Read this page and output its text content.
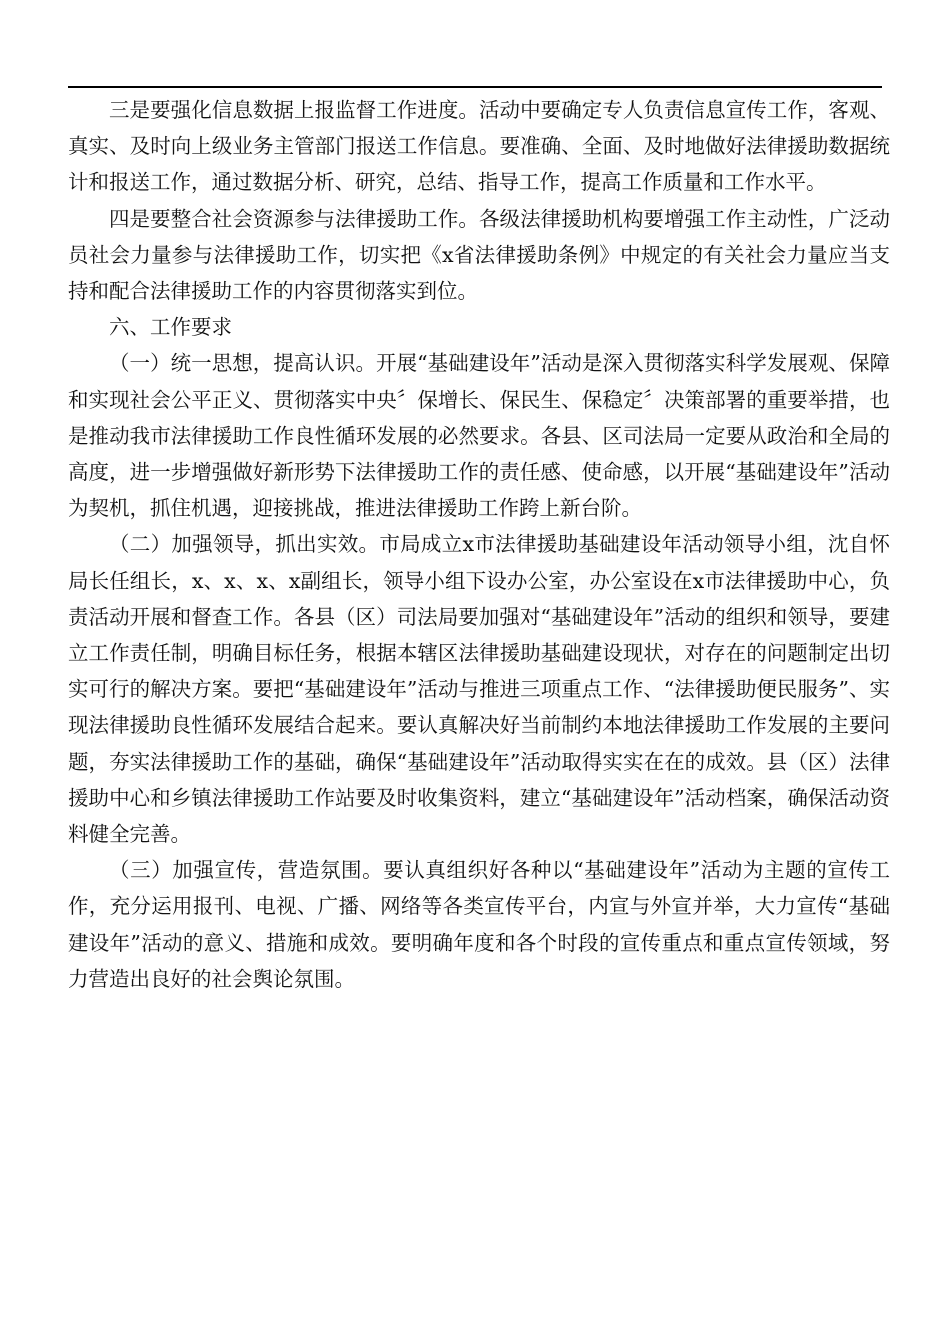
三是要强化信息数据上报监督工作进度。活动中要确定专人负责信息宣传工作，客观、真实、及时向上级业务主管部门报送工作信息。要准确、全面、及时地做好法律援助数据统计和报送工作，通过数据分析、研究，总结、指导工作，提高工作质量和工作水平。

四是要整合社会资源参与法律援助工作。各级法律援助机构要增强工作主动性，广泛动员社会力量参与法律援助工作，切实把《x省法律援助条例》中规定的有关社会力量应当支持和配合法律援助工作的内容贯彻落实到位。

六、工作要求

（一）统一思想，提高认识。开展“基础建设年”活动是深入贯彻落实科学发展观、保障和实现社会公平正义、贯彻落实中央〞保增长、保民生、保稳定〞决策部署的重要举措，也是推动我市法律援助工作良性循环发展的必然要求。各县、区司法局一定要从政治和全局的高度，进一步增强做好新形势下法律援助工作的责任感、使命感，以开展“基础建设年”活动为契机，抓住机遇，迎接挑战，推进法律援助工作跨上新台阶。

（二）加强领导，抓出实效。市局成立x市法律援助基础建设年活动领导小组，沈自怀局长任组长，x、x、x、x副组长，领导小组下设办公室，办公室设在x市法律援助中心，负责活动开展和督查工作。各县（区）司法局要加强对“基础建设年”活动的组织和领导，要建立工作责任制，明确目标任务，根据本辖区法律援助基础建设现状，对存在的问题制定出切实可行的解决方案。要把“基础建设年”活动与推进三项重点工作、“法律援助便民服务”、实现法律援助良性循环发展结合起来。要认真解决好当前制约本地法律援助工作发展的主要问题，夯实法律援助工作的基础，确保“基础建设年”活动取得实实在在的成效。县（区）法律援助中心和乡镇法律援助工作站要及时收集资料，建立“基础建设年”活动档案，确保活动资料健全完善。

（三）加强宣传，营造氛围。要认真组织好各种以“基础建设年”活动为主题的宣传工作，充分运用报刊、电视、广播、网络等各类宣传平台，内宣与外宣并举，大力宣传“基础建设年”活动的意义、措施和成效。要明确年度和各个时段的宣传重点和重点宣传领域，努力营造出良好的社会舆论氛围。
